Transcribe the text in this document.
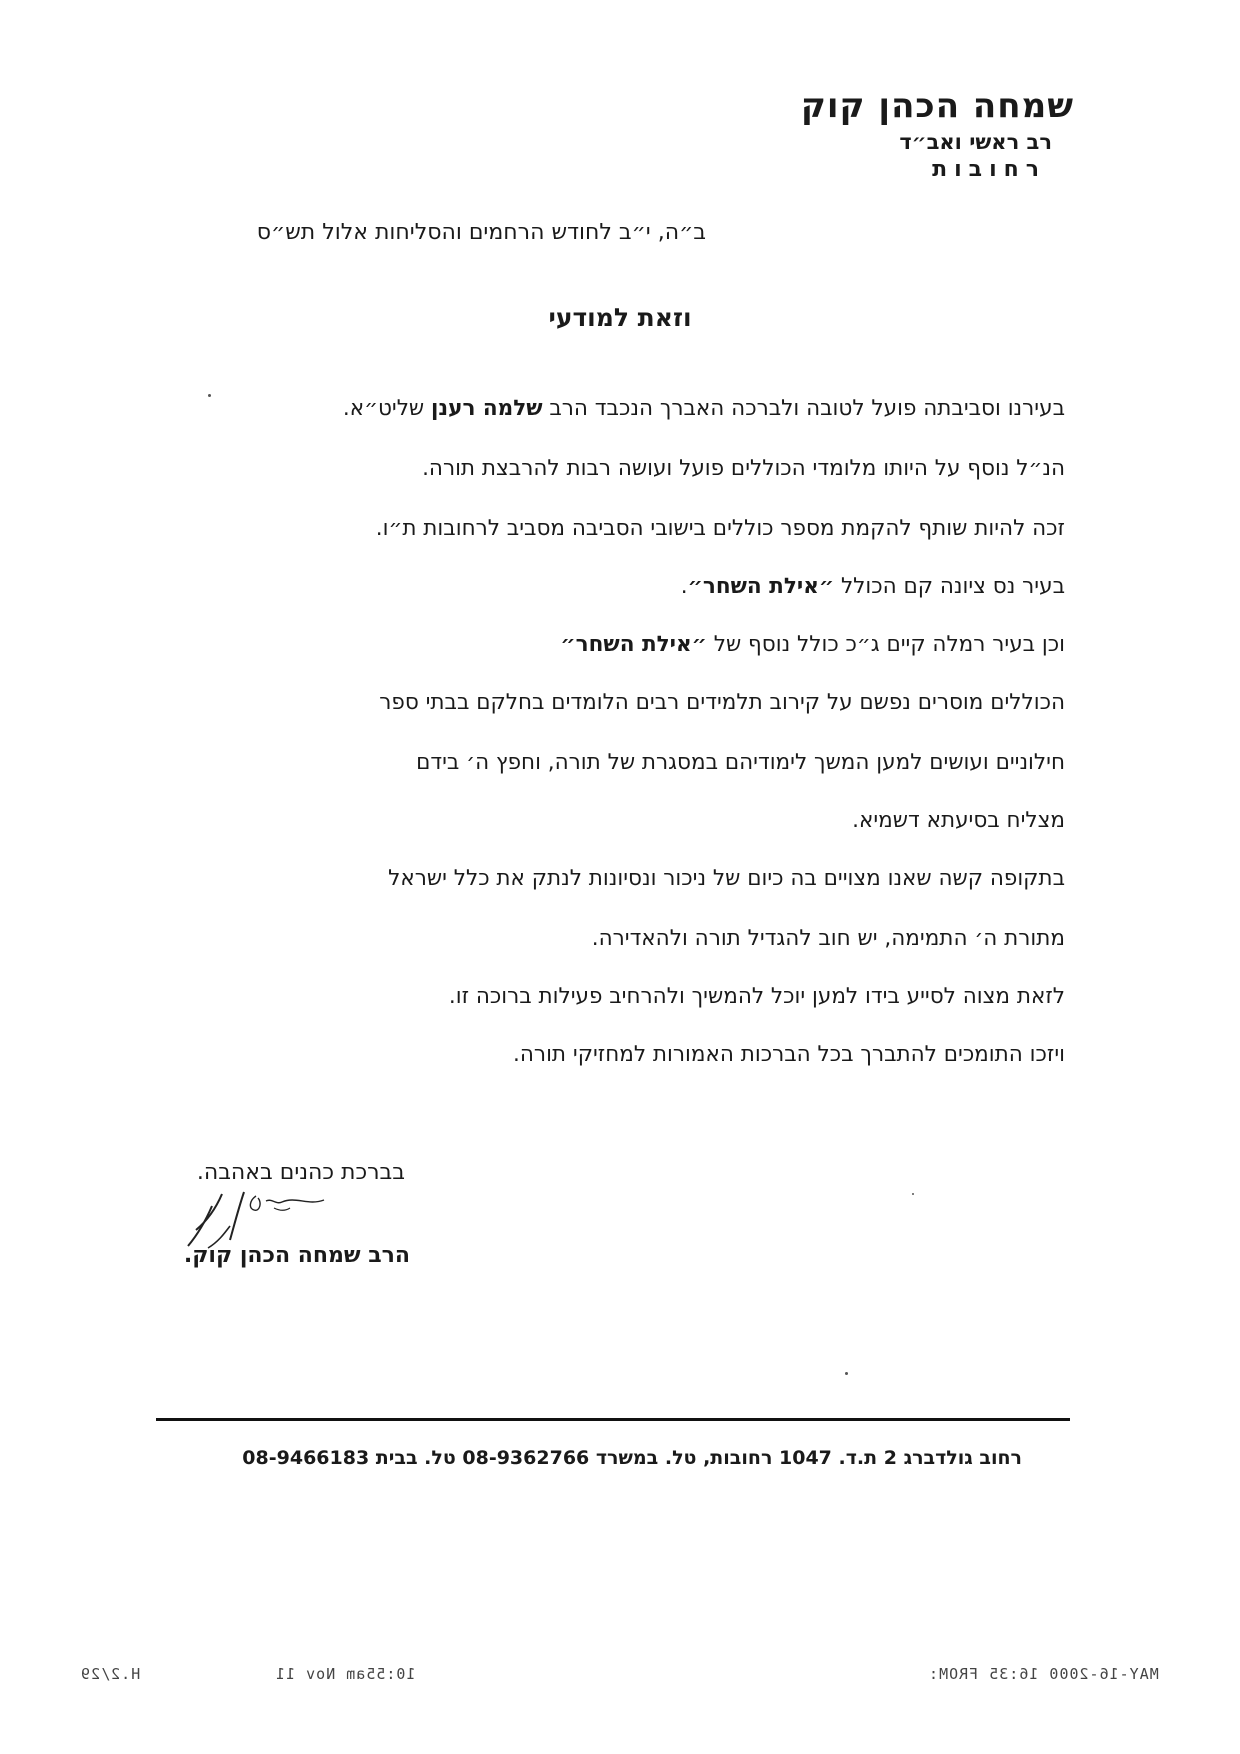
שמחה הכהן קוק
רב ראשי ואב״ד
רחובות
ב״ה, י״ב לחודש הרחמים והסליחות אלול תש״ס
וזאת למודעי
בעירנו וסביבתה פועל לטובה ולברכה האברך הנכבד הרב שלמה רענן שליט״א.
הנ״ל נוסף על היותו מלומדי הכוללים פועל ועושה רבות להרבצת תורה.
זכה להיות שותף להקמת מספר כוללים בישובי הסביבה מסביב לרחובות ת״ו.
בעיר נס ציונה קם הכולל ״אילת השחר״.
וכן בעיר רמלה קיים ג״כ כולל נוסף של ״אילת השחר״
הכוללים מוסרים נפשם על קירוב תלמידים רבים הלומדים בחלקם בבתי ספר
חילוניים ועושים למען המשך לימודיהם במסגרת של תורה, וחפץ ה׳ בידם
מצליח בסיעתא דשמיא.
בתקופה קשה שאנו מצויים בה כיום של ניכור ונסיונות לנתק את כלל ישראל
מתורת ה׳ התמימה, יש חוב להגדיל תורה ולהאדירה.
לזאת מצוה לסייע בידו למען יוכל להמשיך ולהרחיב פעילות ברוכה זו.
ויזכו התומכים להתברך בכל הברכות האמורות למחזיקי תורה.
בברכת כהנים באהבה.
הרב שמחה הכהן קוק.
רחוב גולדברג 2 ת.ד. 1047 רחובות, טל. במשרד 08-9362766 טל. בבית 08-9466183
H.2/29	10:55am Nov 11	MAY-16-2000 16:35 FROM:
